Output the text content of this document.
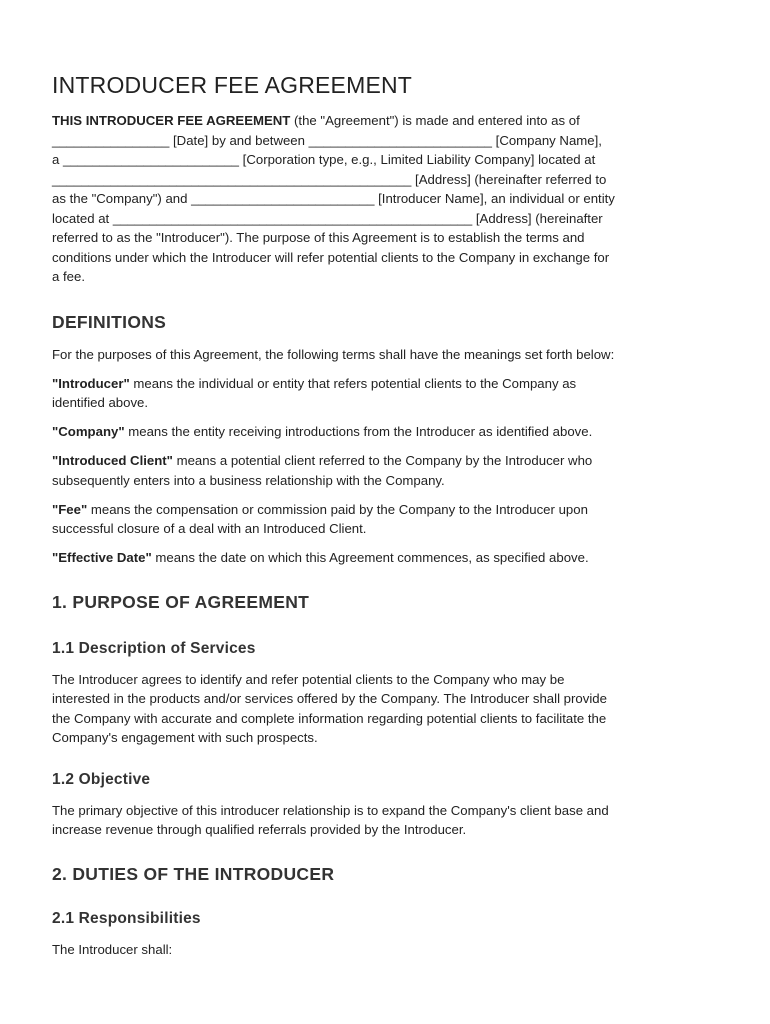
INTRODUCER FEE AGREEMENT
THIS INTRODUCER FEE AGREEMENT (the "Agreement") is made and entered into as of
________________ [Date] by and between _________________________ [Company Name],
a ________________________ [Corporation type, e.g., Limited Liability Company] located at
_________________________________________________ [Address] (hereinafter referred to
as the "Company") and _________________________ [Introducer Name], an individual or entity
located at _________________________________________________ [Address] (hereinafter
referred to as the "Introducer"). The purpose of this Agreement is to establish the terms and
conditions under which the Introducer will refer potential clients to the Company in exchange for
a fee.
DEFINITIONS

For the purposes of this Agreement, the following terms shall have the meanings set forth below:

"Introducer" means the individual or entity that refers potential clients to the Company as
identified above.

"Company" means the entity receiving introductions from the Introducer as identified above.

"Introduced Client" means a potential client referred to the Company by the Introducer who
subsequently enters into a business relationship with the Company.

"Fee" means the compensation or commission paid by the Company to the Introducer upon
successful closure of a deal with an Introduced Client.

"Effective Date" means the date on which this Agreement commences, as specified above.

1. PURPOSE OF AGREEMENT
1.1 Description of Services

The Introducer agrees to identify and refer potential clients to the Company who may be
interested in the products and/or services offered by the Company. The Introducer shall provide
the Company with accurate and complete information regarding potential clients to facilitate the
Company's engagement with such prospects.

1.2 Objective

The primary objective of this introducer relationship is to expand the Company's client base and
increase revenue through qualified referrals provided by the Introducer.

2. DUTIES OF THE INTRODUCER
2.1 Responsibilities

The Introducer shall:
